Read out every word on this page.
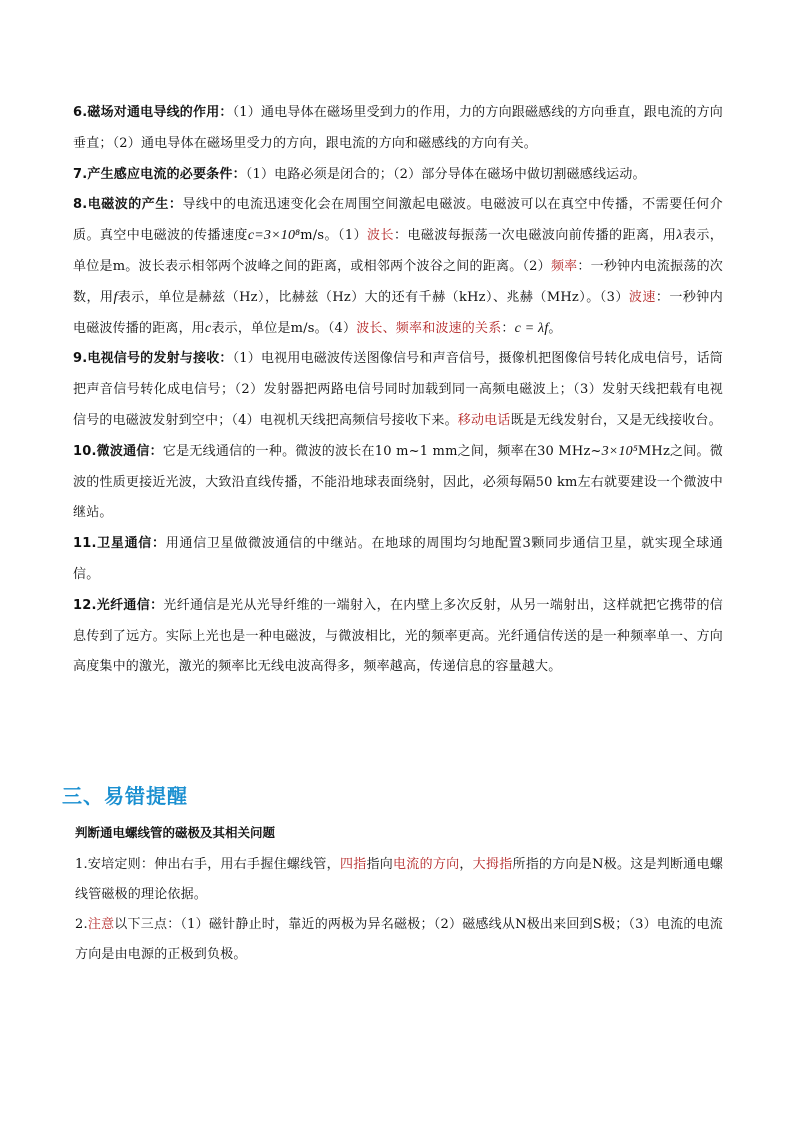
6.磁场对通电导线的作用：（1）通电导体在磁场里受到力的作用，力的方向跟磁感线的方向垂直，跟电流的方向垂直；（2）通电导体在磁场里受力的方向，跟电流的方向和磁感线的方向有关。

7.产生感应电流的必要条件：（1）电路必须是闭合的；（2）部分导体在磁场中做切割磁感线运动。

8.电磁波的产生：导线中的电流迅速变化会在周围空间激起电磁波。电磁波可以在真空中传播，不需要任何介质。真空中电磁波的传播速度c=3×10⁸m/s。（1）波长：电磁波每振荡一次电磁波向前传播的距离，用λ表示，单位是m。波长表示相邻两个波峰之间的距离，或相邻两个波谷之间的距离。（2）频率：一秒钟内电流振荡的次数，用f表示，单位是赫兹（Hz），比赫兹（Hz）大的还有千赫（kHz）、兆赫（MHz）。（3）波速：一秒钟内电磁波传播的距离，用c表示，单位是m/s。（4）波长、频率和波速的关系：c = λf。

9.电视信号的发射与接收：（1）电视用电磁波传送图像信号和声音信号，摄像机把图像信号转化成电信号，话筒把声音信号转化成电信号；（2）发射器把两路电信号同时加载到同一高频电磁波上；（3）发射天线把载有电视信号的电磁波发射到空中；（4）电视机天线把高频信号接收下来。移动电话既是无线发射台，又是无线接收台。

10.微波通信：它是无线通信的一种。微波的波长在10 m~1 mm之间，频率在30 MHz~3×10⁵MHz之间。微波的性质更接近光波，大致沿直线传播，不能沿地球表面绕射，因此，必须每隔50 km左右就要建设一个微波中继站。

11.卫星通信：用通信卫星做微波通信的中继站。在地球的周围均匀地配置3颗同步通信卫星，就实现全球通信。

12.光纤通信：光纤通信是光从光导纤维的一端射入，在内壁上多次反射，从另一端射出，这样就把它携带的信息传到了远方。实际上光也是一种电磁波，与微波相比，光的频率更高。光纤通信传送的是一种频率单一、方向高度集中的激光，激光的频率比无线电波高得多，频率越高，传递信息的容量越大。

三、易错提醒
判断通电螺线管的磁极及其相关问题

1.安培定则：伸出右手，用右手握住螺线管，四指指向电流的方向，大拇指所指的方向是N极。这是判断通电螺线管磁极的理论依据。

2.注意以下三点：（1）磁针静止时，靠近的两极为异名磁极；（2）磁感线从N极出来回到S极；（3）电流的电流方向是由电源的正极到负极。
